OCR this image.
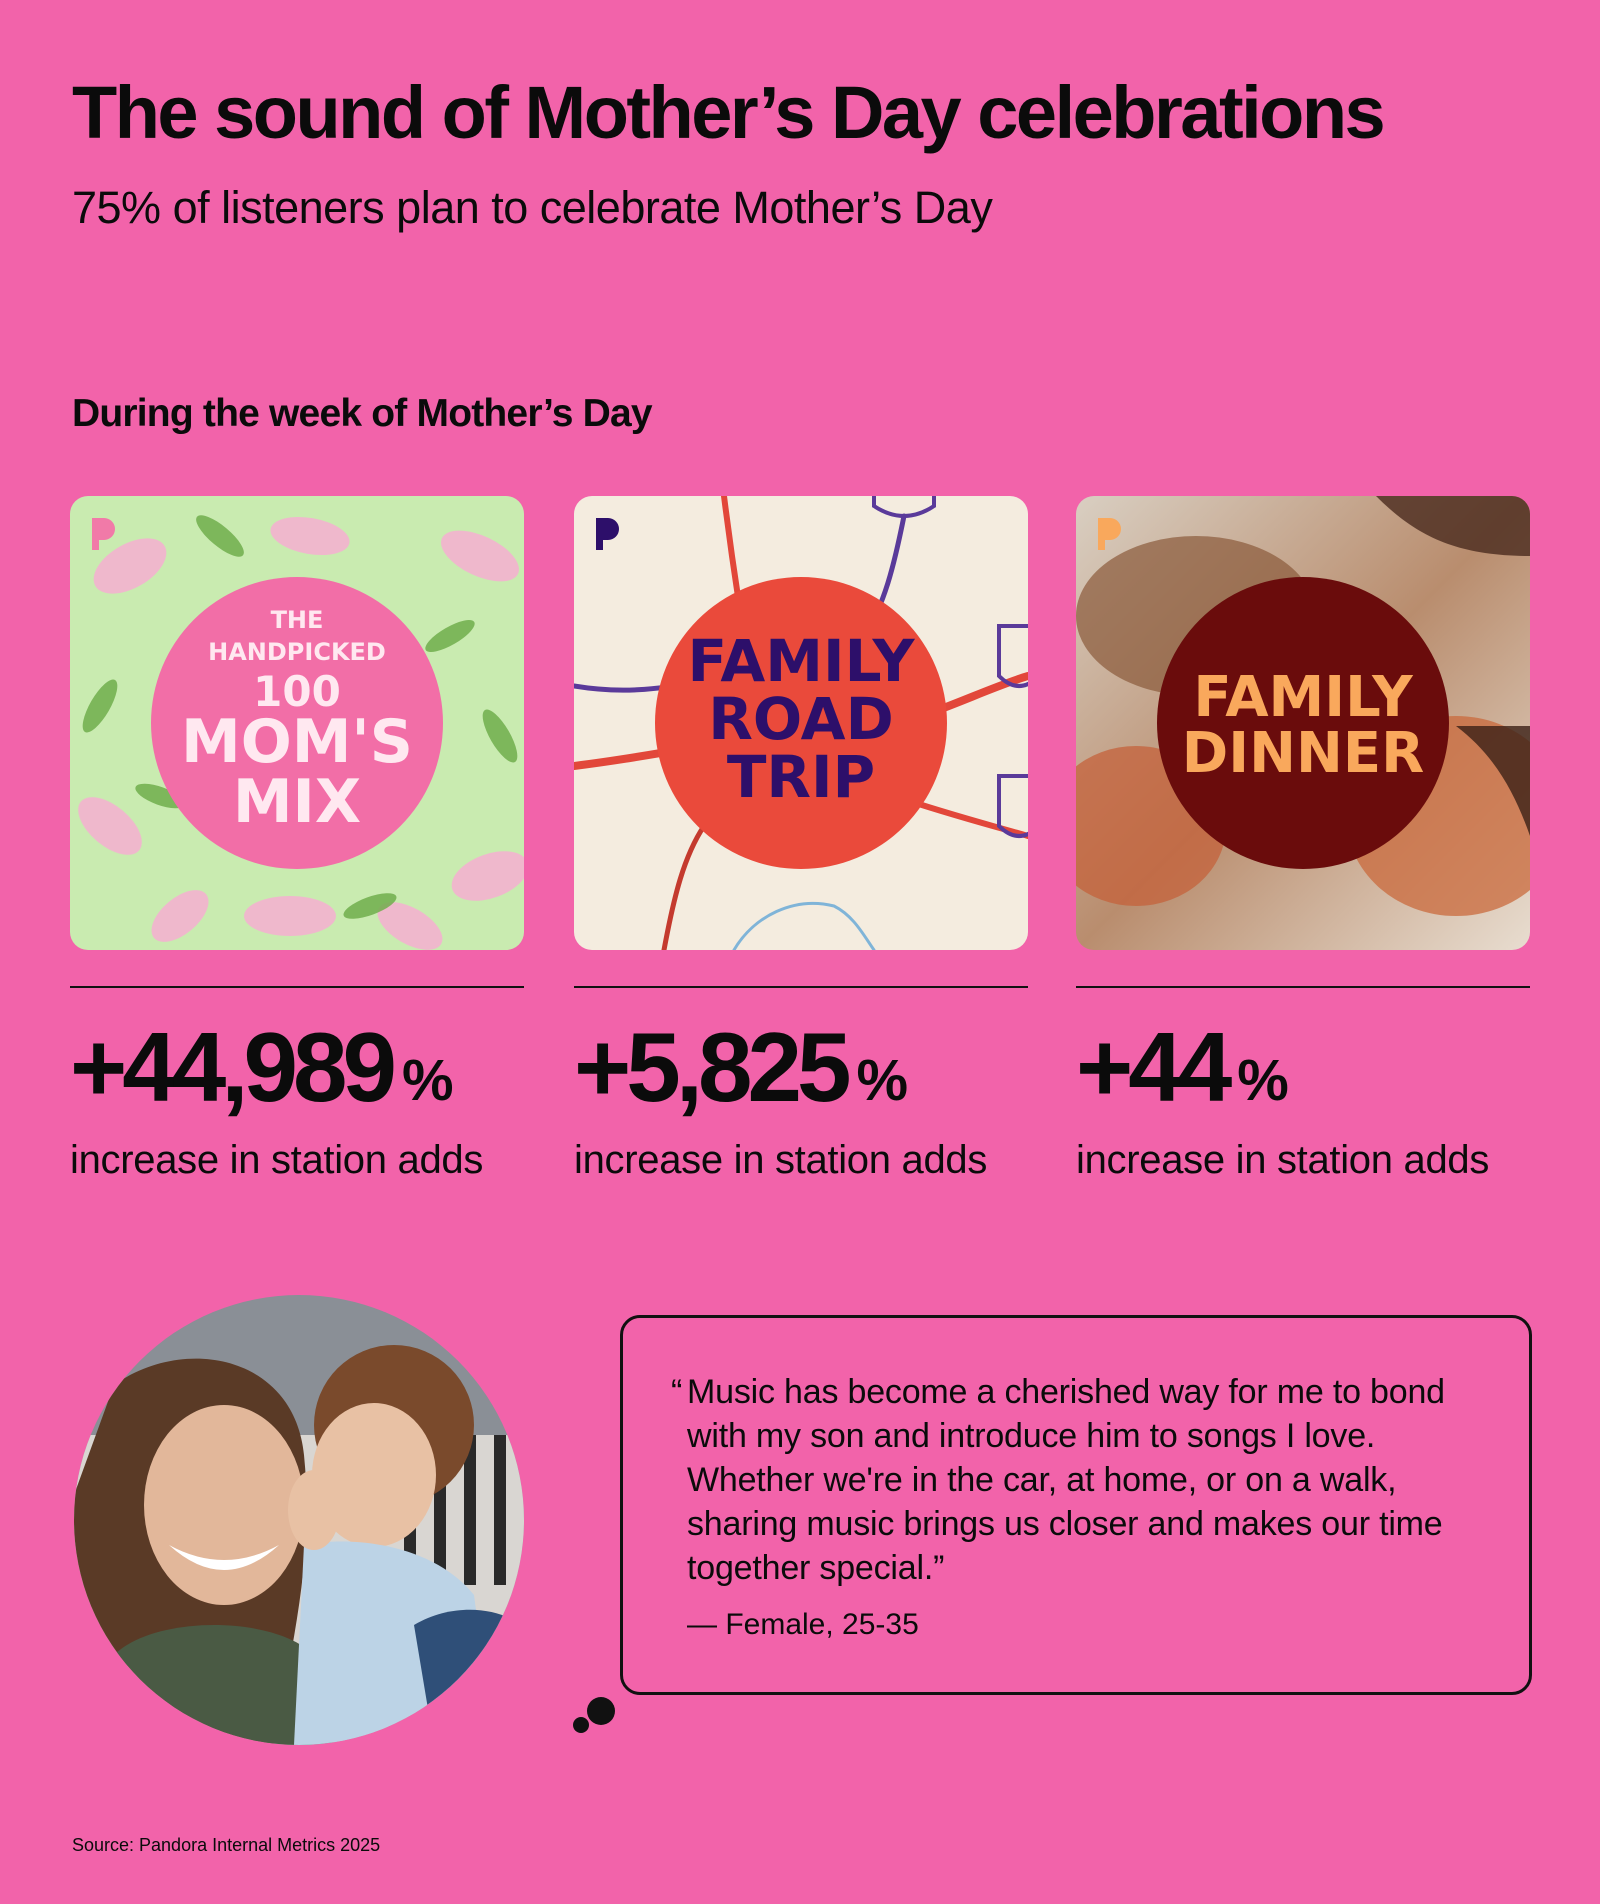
The sound of Mother’s Day celebrations
75% of listeners plan to celebrate Mother’s Day
During the week of Mother’s Day
THE
HANDPICKED
100
MOM'S
MIX
+44,989 %
increase in station adds
FAMILY
ROAD
TRIP
+5,825 %
increase in station adds
FAMILY
DINNER
+44 %
increase in station adds
“ Music has become a cherished way for me to bond with my son and introduce him to songs I love. Whether we're in the car, at home, or on a walk, sharing music brings us closer and makes our time together special.”
— Female, 25-35
Source: Pandora Internal Metrics 2025
